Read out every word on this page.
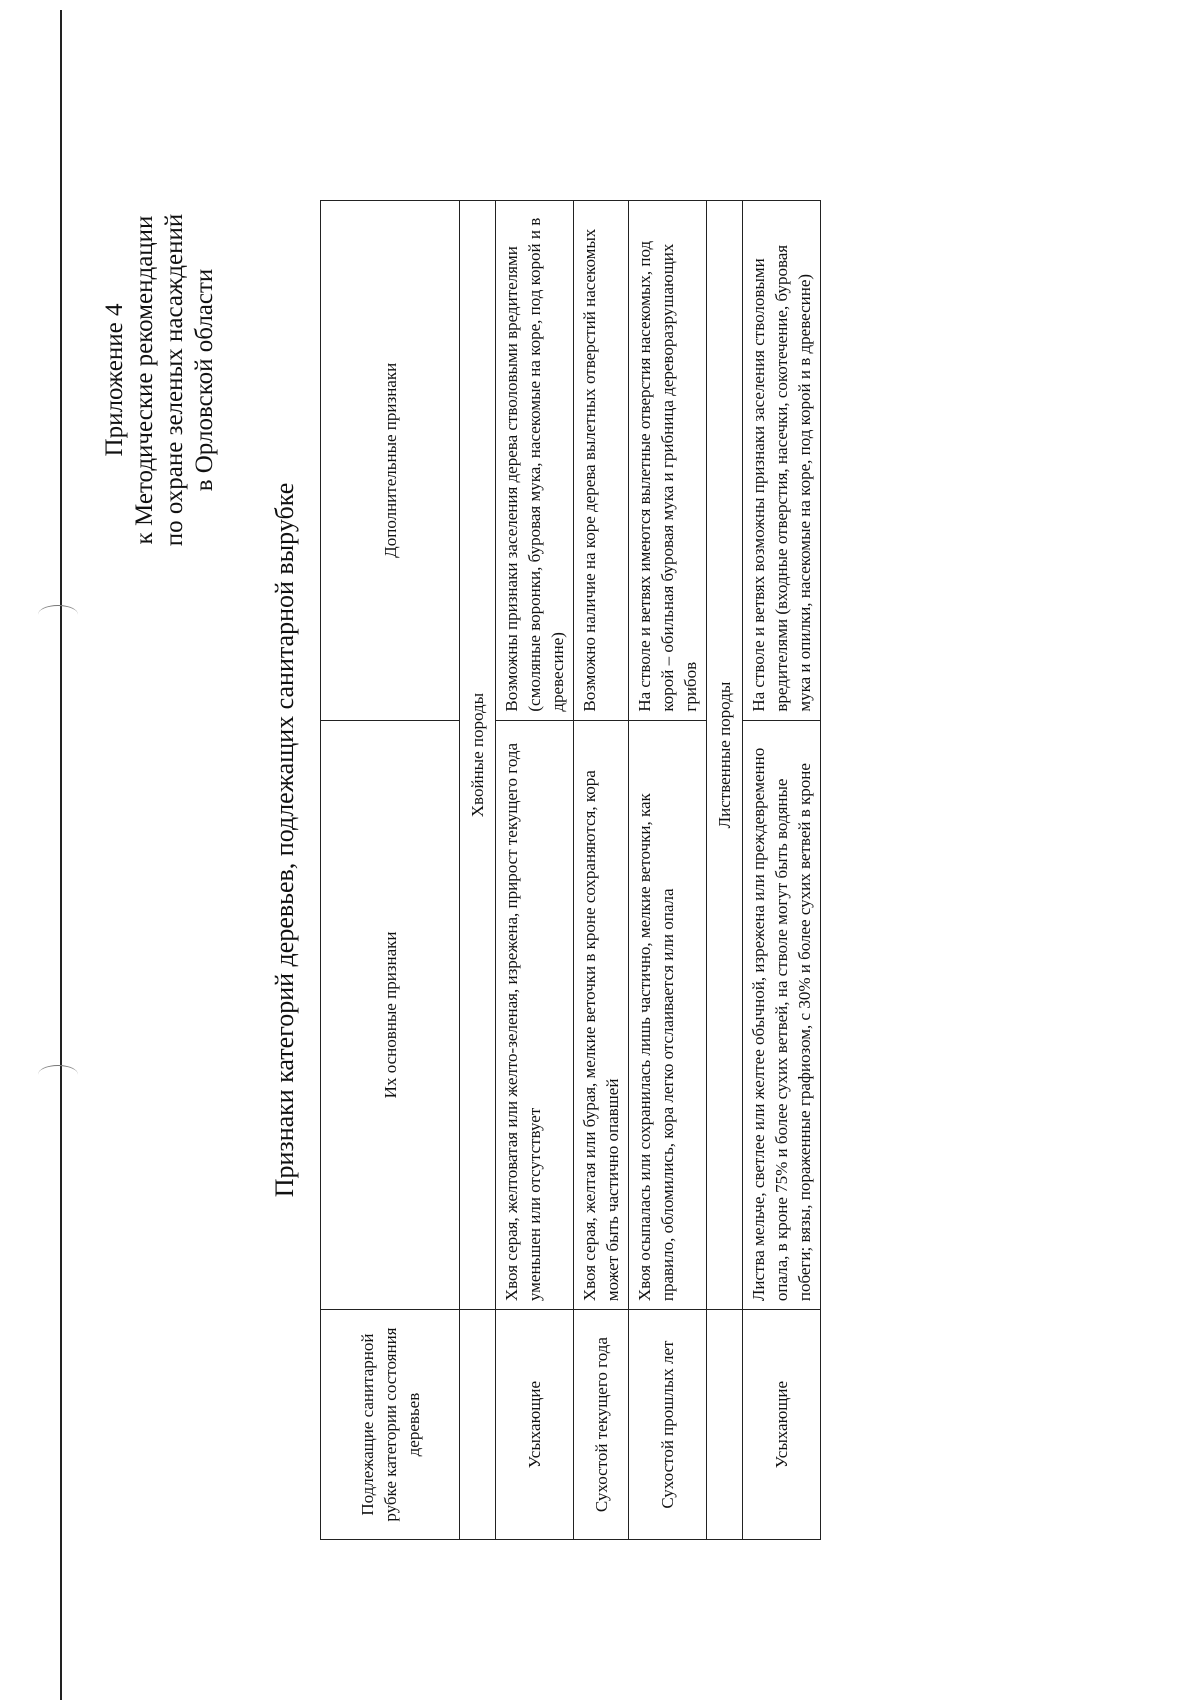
Приложение 4 к Методические рекомендации по охране зеленых насаждений в Орловской области
Признаки категорий деревьев, подлежащих санитарной вырубке
Подлежащие санитарной рубке категории состояния деревьев	Их основные признаки	Дополнительные признаки
	Хвойные породы	
Усыхающие	Хвоя серая, желтоватая или желто-зеленая, изрежена, прирост текущего года уменьшен или отсутствует	Возможны признаки заселения дерева стволовыми вредителями (смоляные воронки, буровая мука, насекомые на коре, под корой и в древесине)
Сухостой текущего года	Хвоя серая, желтая или бурая, мелкие веточки в кроне сохраняются, кора может быть частично опавшей	Возможно наличие на коре дерева вылетных отверстий насекомых
Сухостой прошлых лет	Хвоя осыпалась или сохранилась лишь частично, мелкие веточки, как правило, обломились, кора легко отслаивается или опала	На стволе и ветвях имеются вылетные отверстия насекомых, под корой – обильная буровая мука и грибница дереворазрушающих грибов
	Лиственные породы	
Усыхающие	Листва мельче, светлее или желтее обычной, изрежена или преждевременно опала, в кроне 75% и более сухих ветвей, на стволе могут быть водяные побеги; вязы, пораженные графиозом, с 30% и более сухих ветвей в кроне	На стволе и ветвях возможны признаки заселения стволовыми вредителями (входные отверстия, насечки, сокотечение, буровая мука и опилки, насекомые на коре, под корой и в древесине)
